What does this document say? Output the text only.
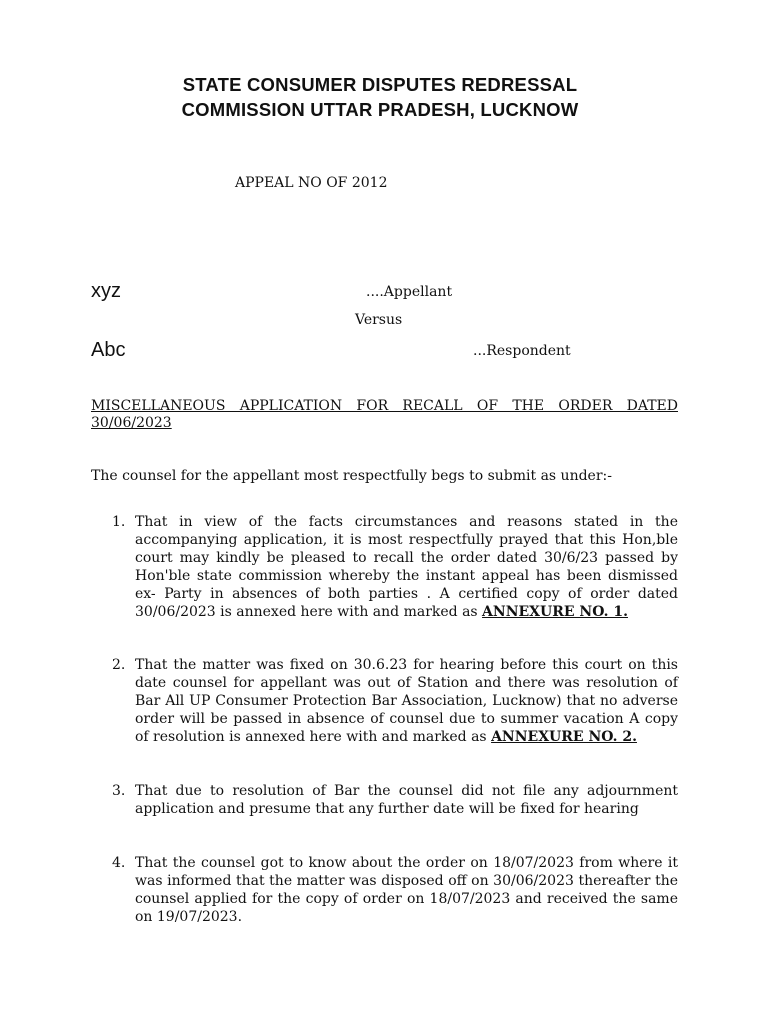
STATE CONSUMER DISPUTES REDRESSAL
COMMISSION UTTAR PRADESH, LUCKNOW
APPEAL NO OF 2012
xyz	....Appellant
Versus
Abc	...Respondent
MISCELLANEOUS APPLICATION FOR RECALL OF THE ORDER DATED 30/06/2023
The counsel for the appellant most respectfully begs to submit as under:-
1. That in view of the facts circumstances and reasons stated in the accompanying application, it is most respectfully prayed that this Hon,ble court may kindly be pleased to recall the order dated 30/6/23 passed by Hon'ble state commission whereby the instant appeal has been dismissed ex- Party in absences of both parties . A certified copy of order dated 30/06/2023 is annexed here with and marked as ANNEXURE NO. 1.
2. That the matter was fixed on 30.6.23 for hearing before this court on this date counsel for appellant was out of Station and there was resolution of Bar All UP Consumer Protection Bar Association, Lucknow) that no adverse order will be passed in absence of counsel due to summer vacation A copy of resolution is annexed here with and marked as ANNEXURE NO. 2.
3. That due to resolution of Bar the counsel did not file any adjournment application and presume that any further date will be fixed for hearing
4. That the counsel got to know about the order on 18/07/2023 from where it was informed that the matter was disposed off on 30/06/2023 thereafter the counsel applied for the copy of order on 18/07/2023 and received the same on 19/07/2023.
